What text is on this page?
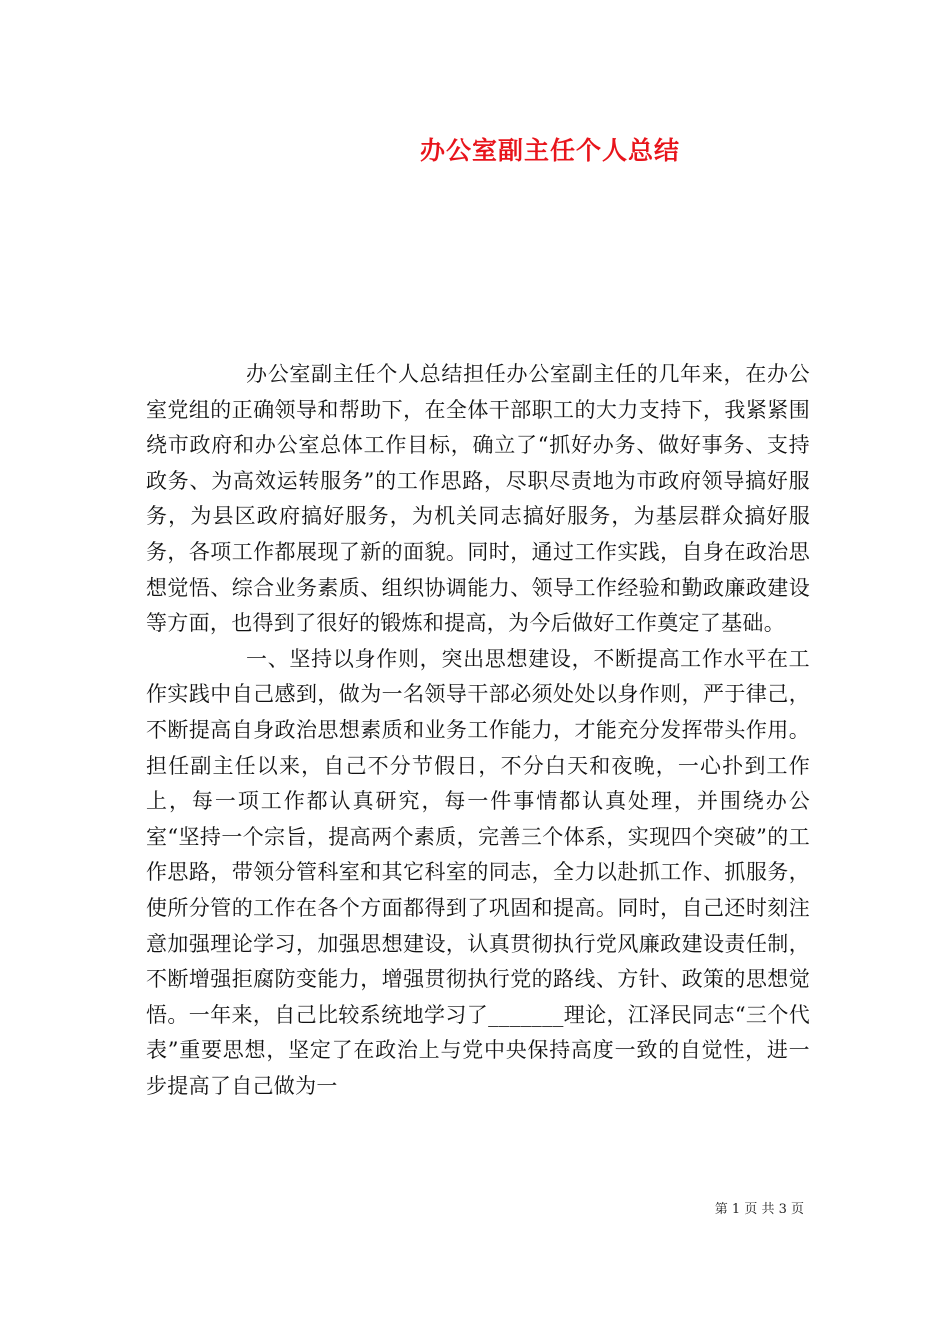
办公室副主任个人总结

办公室副主任个人总结担任办公室副主任的几年来，在办公室党组的正确领导和帮助下，在全体干部职工的大力支持下，我紧紧围绕市政府和办公室总体工作目标，确立了“抓好办务、做好事务、支持政务、为高效运转服务”的工作思路，尽职尽责地为市政府领导搞好服务，为县区政府搞好服务，为机关同志搞好服务，为基层群众搞好服务，各项工作都展现了新的面貌。同时，通过工作实践，自身在政治思想觉悟、综合业务素质、组织协调能力、领导工作经验和勤政廉政建设等方面，也得到了很好的锻炼和提高，为今后做好工作奠定了基础。

一、坚持以身作则，突出思想建设，不断提高工作水平在工作实践中自己感到，做为一名领导干部必须处处以身作则，严于律己，不断提高自身政治思想素质和业务工作能力，才能充分发挥带头作用。担任副主任以来，自己不分节假日，不分白天和夜晚，一心扑到工作上，每一项工作都认真研究，每一件事情都认真处理，并围绕办公室“坚持一个宗旨，提高两个素质，完善三个体系，实现四个突破”的工作思路，带领分管科室和其它科室的同志，全力以赴抓工作、抓服务，使所分管的工作在各个方面都得到了巩固和提高。同时，自己还时刻注意加强理论学习，加强思想建设，认真贯彻执行党风廉政建设责任制，不断增强拒腐防变能力，增强贯彻执行党的路线、方针、政策的思想觉悟。一年来，自己比较系统地学习了_______理论，江泽民同志“三个代表”重要思想，坚定了在政治上与党中央保持高度一致的自觉性，进一步提高了自己做为一

第 1 页 共 3 页
